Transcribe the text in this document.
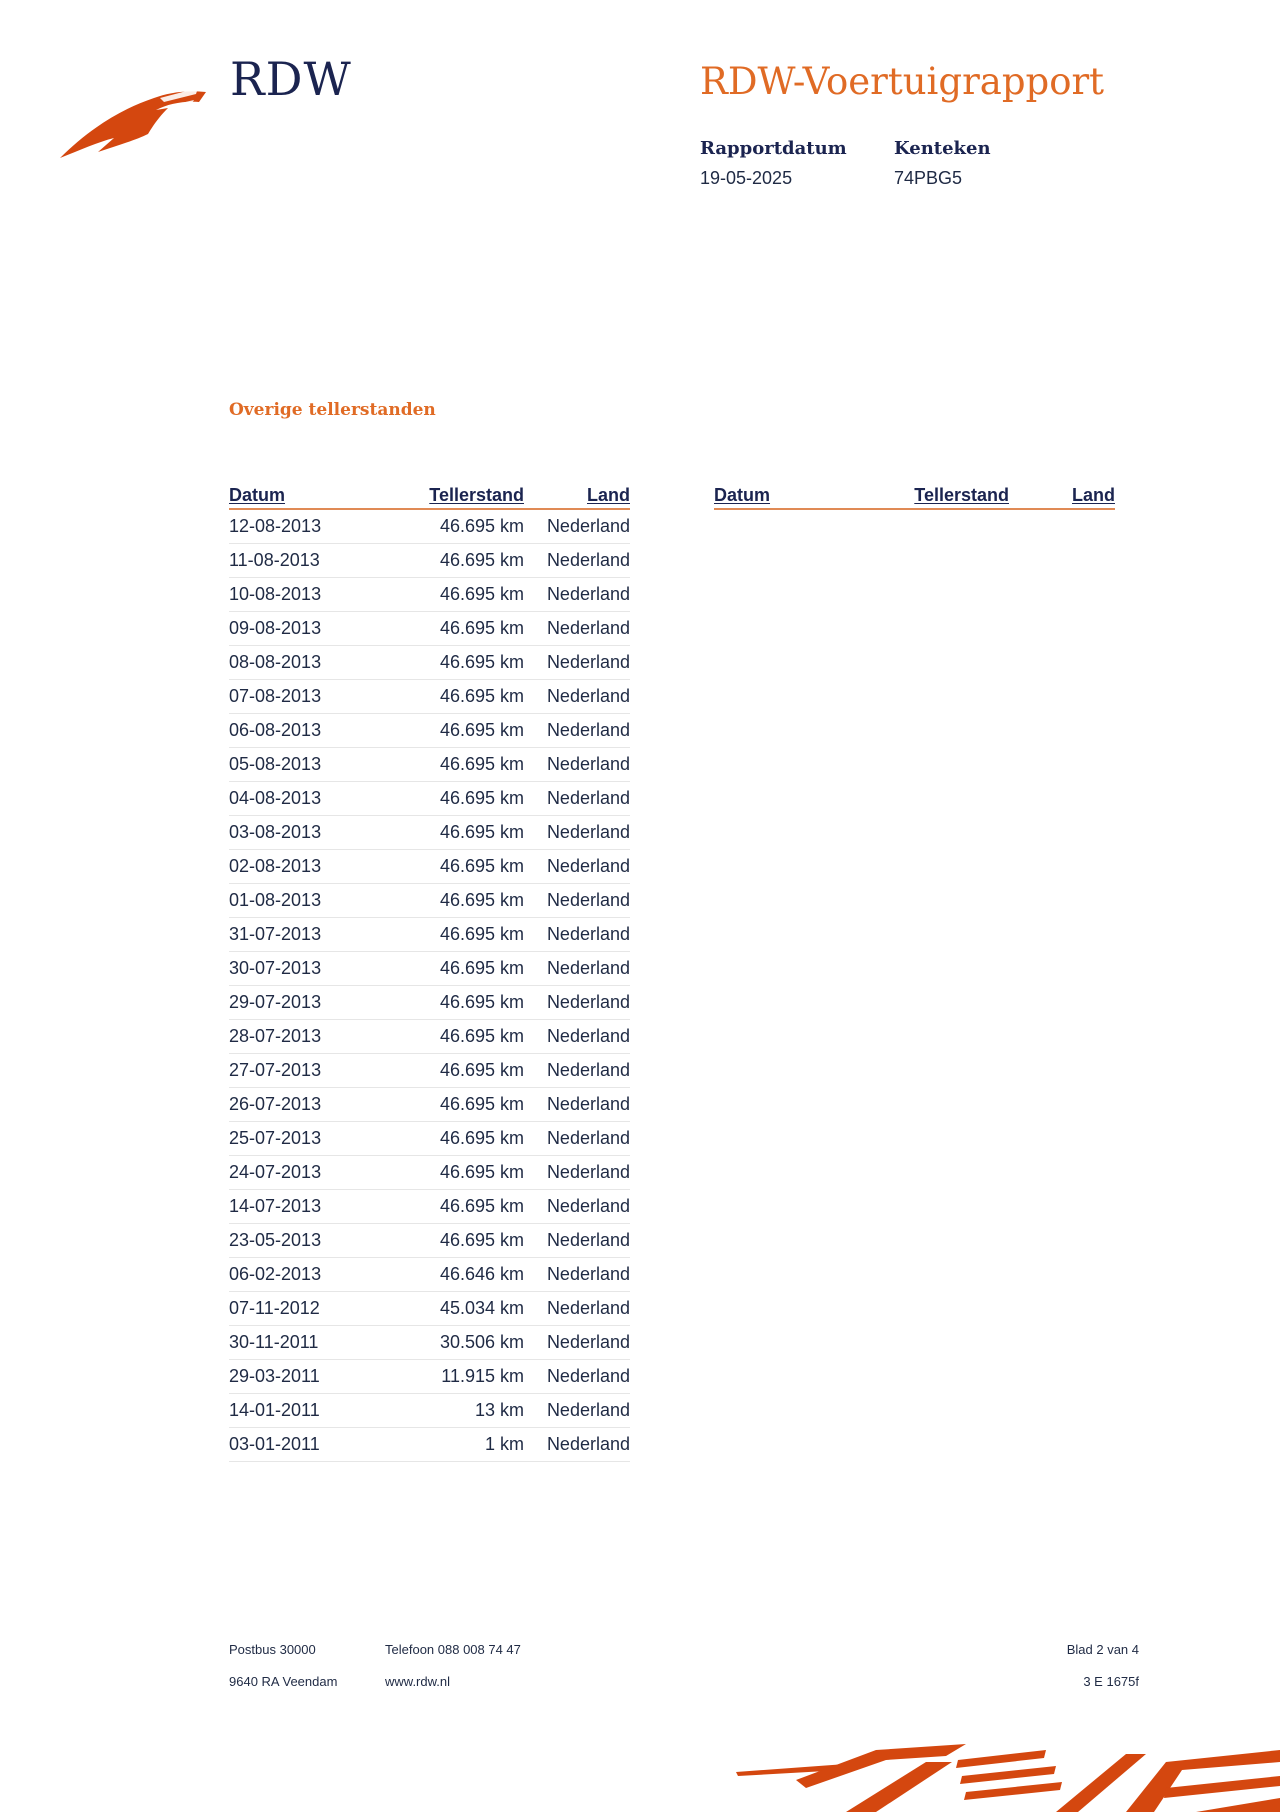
RDW	RDW-Voertuigrapport
Rapportdatum
19-05-2025
Kenteken
74PBG5
Overige tellerstanden
Datum	Tellerstand	Land
12-08-2013	46.695 km	Nederland
11-08-2013	46.695 km	Nederland
10-08-2013	46.695 km	Nederland
09-08-2013	46.695 km	Nederland
08-08-2013	46.695 km	Nederland
07-08-2013	46.695 km	Nederland
06-08-2013	46.695 km	Nederland
05-08-2013	46.695 km	Nederland
04-08-2013	46.695 km	Nederland
03-08-2013	46.695 km	Nederland
02-08-2013	46.695 km	Nederland
01-08-2013	46.695 km	Nederland
31-07-2013	46.695 km	Nederland
30-07-2013	46.695 km	Nederland
29-07-2013	46.695 km	Nederland
28-07-2013	46.695 km	Nederland
27-07-2013	46.695 km	Nederland
26-07-2013	46.695 km	Nederland
25-07-2013	46.695 km	Nederland
24-07-2013	46.695 km	Nederland
14-07-2013	46.695 km	Nederland
23-05-2013	46.695 km	Nederland
06-02-2013	46.646 km	Nederland
07-11-2012	45.034 km	Nederland
30-11-2011	30.506 km	Nederland
29-03-2011	11.915 km	Nederland
14-01-2011	13 km	Nederland
03-01-2011	1 km	Nederland
Datum	Tellerstand	Land
Postbus 30000
9640 RA Veendam
Telefoon 088 008 74 47
www.rdw.nl
Blad 2 van 4
3 E 1675f
